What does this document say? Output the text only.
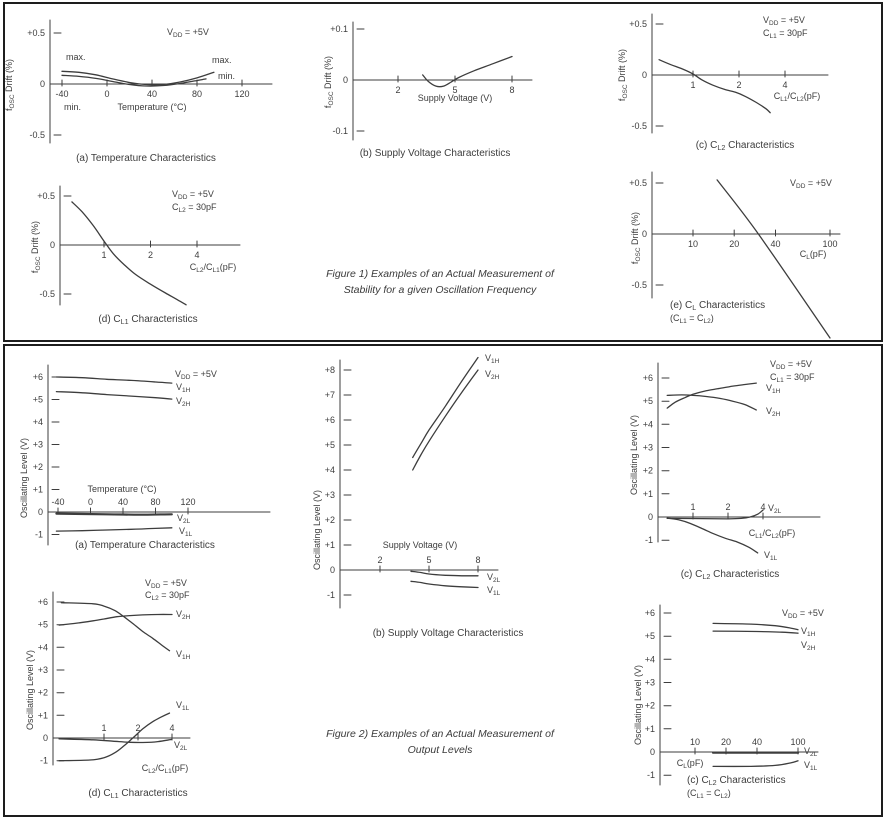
Figure 1) Examples of an Actual Measurement of
Stability for a given Oscillation Frequency
Figure 2) Examples of an Actual Measurement of
Output Levels
+0.5
0
-0.5
-40	0	40	80	120
Temperature (°C)
$f_{OSC}$ Drift (%)
$V_{DD} = +5V$
max.
min.
max.
min.
(a) Temperature Characteristics
+0.1
0
-0.1
2	5	8
Supply Voltage (V)
$f_{OSC}$ Drift (%)
(b) Supply Voltage Characteristics
+0.5
0
-0.5
1	2	4
$C_{L1}/C_{L2}(pF)$
$f_{OSC}$ Drift (%)
$V_{DD} = +5V$
$C_{L1} = 30pF$
(c) $C_{L2}$ Characteristics
+0.5
0
-0.5
1	2	4
$C_{L2}/C_{L1}(pF)$
$f_{OSC}$ Drift (%)
$V_{DD} = +5V$
$C_{L2} = 30pF$
(d) $C_{L1}$ Characteristics
+0.5
0
-0.5
10	20	40	100
$C_L(pF)$
$f_{OSC}$ Drift (%)
$V_{DD} = +5V$
$(C_{L1} = C_{L2})$
(e) $C_L$ Characteristics
+6
+5
+4
+3
+2
+1
0
-1
-40	0	40 80 120
Temperature (°C)
Oscillating Level (V)
$V_{DD} = +5V$
$V_{1H}$
$V_{2H}$
$V_{2L}$
$V_{1L}$
(a) Temperature Characteristics
+8
+7
+6
+5
+4
+3
+2
+1
0
-1
2	5	8
Supply Voltage (V)
Oscillating Level (V)
$V_{1H}$
$V_{2H}$
$V_{2L}$
$V_{1L}$
(b) Supply Voltage Characteristics
+6
+5
+4
+3
+2
+1
0
-1
1	2	4
$C_{L1}/C_{L2}(pF)$
Oscillating Level (V)
$V_{DD} = +5V$
$C_{L1} = 30pF$
$V_{1H}$
$V_{2H}$
$V_{2L}$
$V_{1L}$
(c) $C_{L2}$ Characteristics
+6
+5
+4
+3
+2
+1
0
-1
10 20 40	100
$C_L(pF)$
Oscillating Level (V)
$V_{DD} = +5V$
$(C_{L1} = C_{L2})$
$V_{1H}$
$V_{2H}$
$V_{2L}$
$V_{1L}$
(c) $C_{L2}$ Characteristics
+6
+5
+4
+3
+2
+1
0
-1
1	2	4
$C_{L2}/C_{L1}(pF)$
Oscillating Level (V)
$V_{DD} = +5V$
$C_{L2} = 30pF$
$V_{2H}$
$V_{1H}$
$V_{1L}$
$V_{2L}$
(d) $C_{L1}$ Characteristics
